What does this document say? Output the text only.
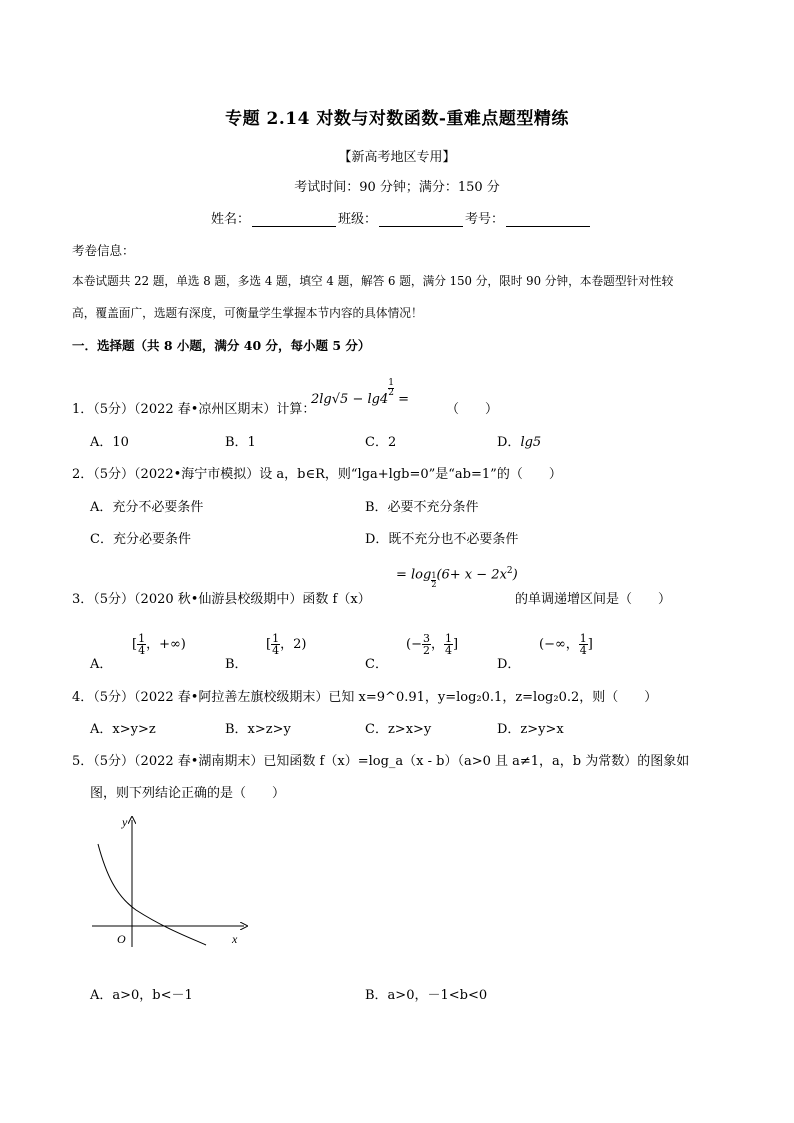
专题 2.14 对数与对数函数-重难点题型精练
【新高考地区专用】
考试时间：90 分钟；满分：150 分
姓名：	班级：	考号：
考卷信息：
本卷试题共 22 题，单选 8 题，多选 4 题，填空 4 题，解答 6 题，满分 150 分，限时 90 分钟，本卷题型针对性较
高，覆盖面广，选题有深度，可衡量学生掌握本节内容的具体情况！
一．选择题（共 8 小题，满分 40 分，每小题 5 分）
1．（5分）（2022 春•凉州区期末）计算：
2lg√5 − lg4
$\frac{1}{2}$
=
（　　）
A．10	B．1	C．2	D．lg5
2．（5分）（2022•海宁市模拟）设 a，b∈R，则“lga+lgb=0”是“ab=1”的（　　）
A．充分不必要条件	B．必要不充分条件
C．充分必要条件	D．既不充分也不必要条件
= $\log \frac{1}{2} (6+ x - 2x^2)$
3．（5分）（2020 秋•仙游县校级期中）函数 f（x）	的单调递增区间是（　　）
A．
[ $\frac{1}{4}$ ，+∞)
B．
[ $\frac{1}{4}$ ，2)
C．
(− $\frac{3}{2}$ ， $\frac{1}{4}$ ]
D．
(−∞， $\frac{1}{4}$ ]
4．（5分）（2022 春•阿拉善左旗校级期末）已知 x=9^0.91，y=log₂0.1，z=log₂0.2，则（　　）
A．x>y>z	B．x>z>y	C．z>x>y	D．z>y>x
5．（5分）（2022 春•湖南期末）已知函数 f（x）=log_a（x - b）（a>0 且 a≠1，a，b 为常数）的图象如
图，则下列结论正确的是（　　）
y
x
O
A．a>0，b<－1	B．a>0，－1<b<0
